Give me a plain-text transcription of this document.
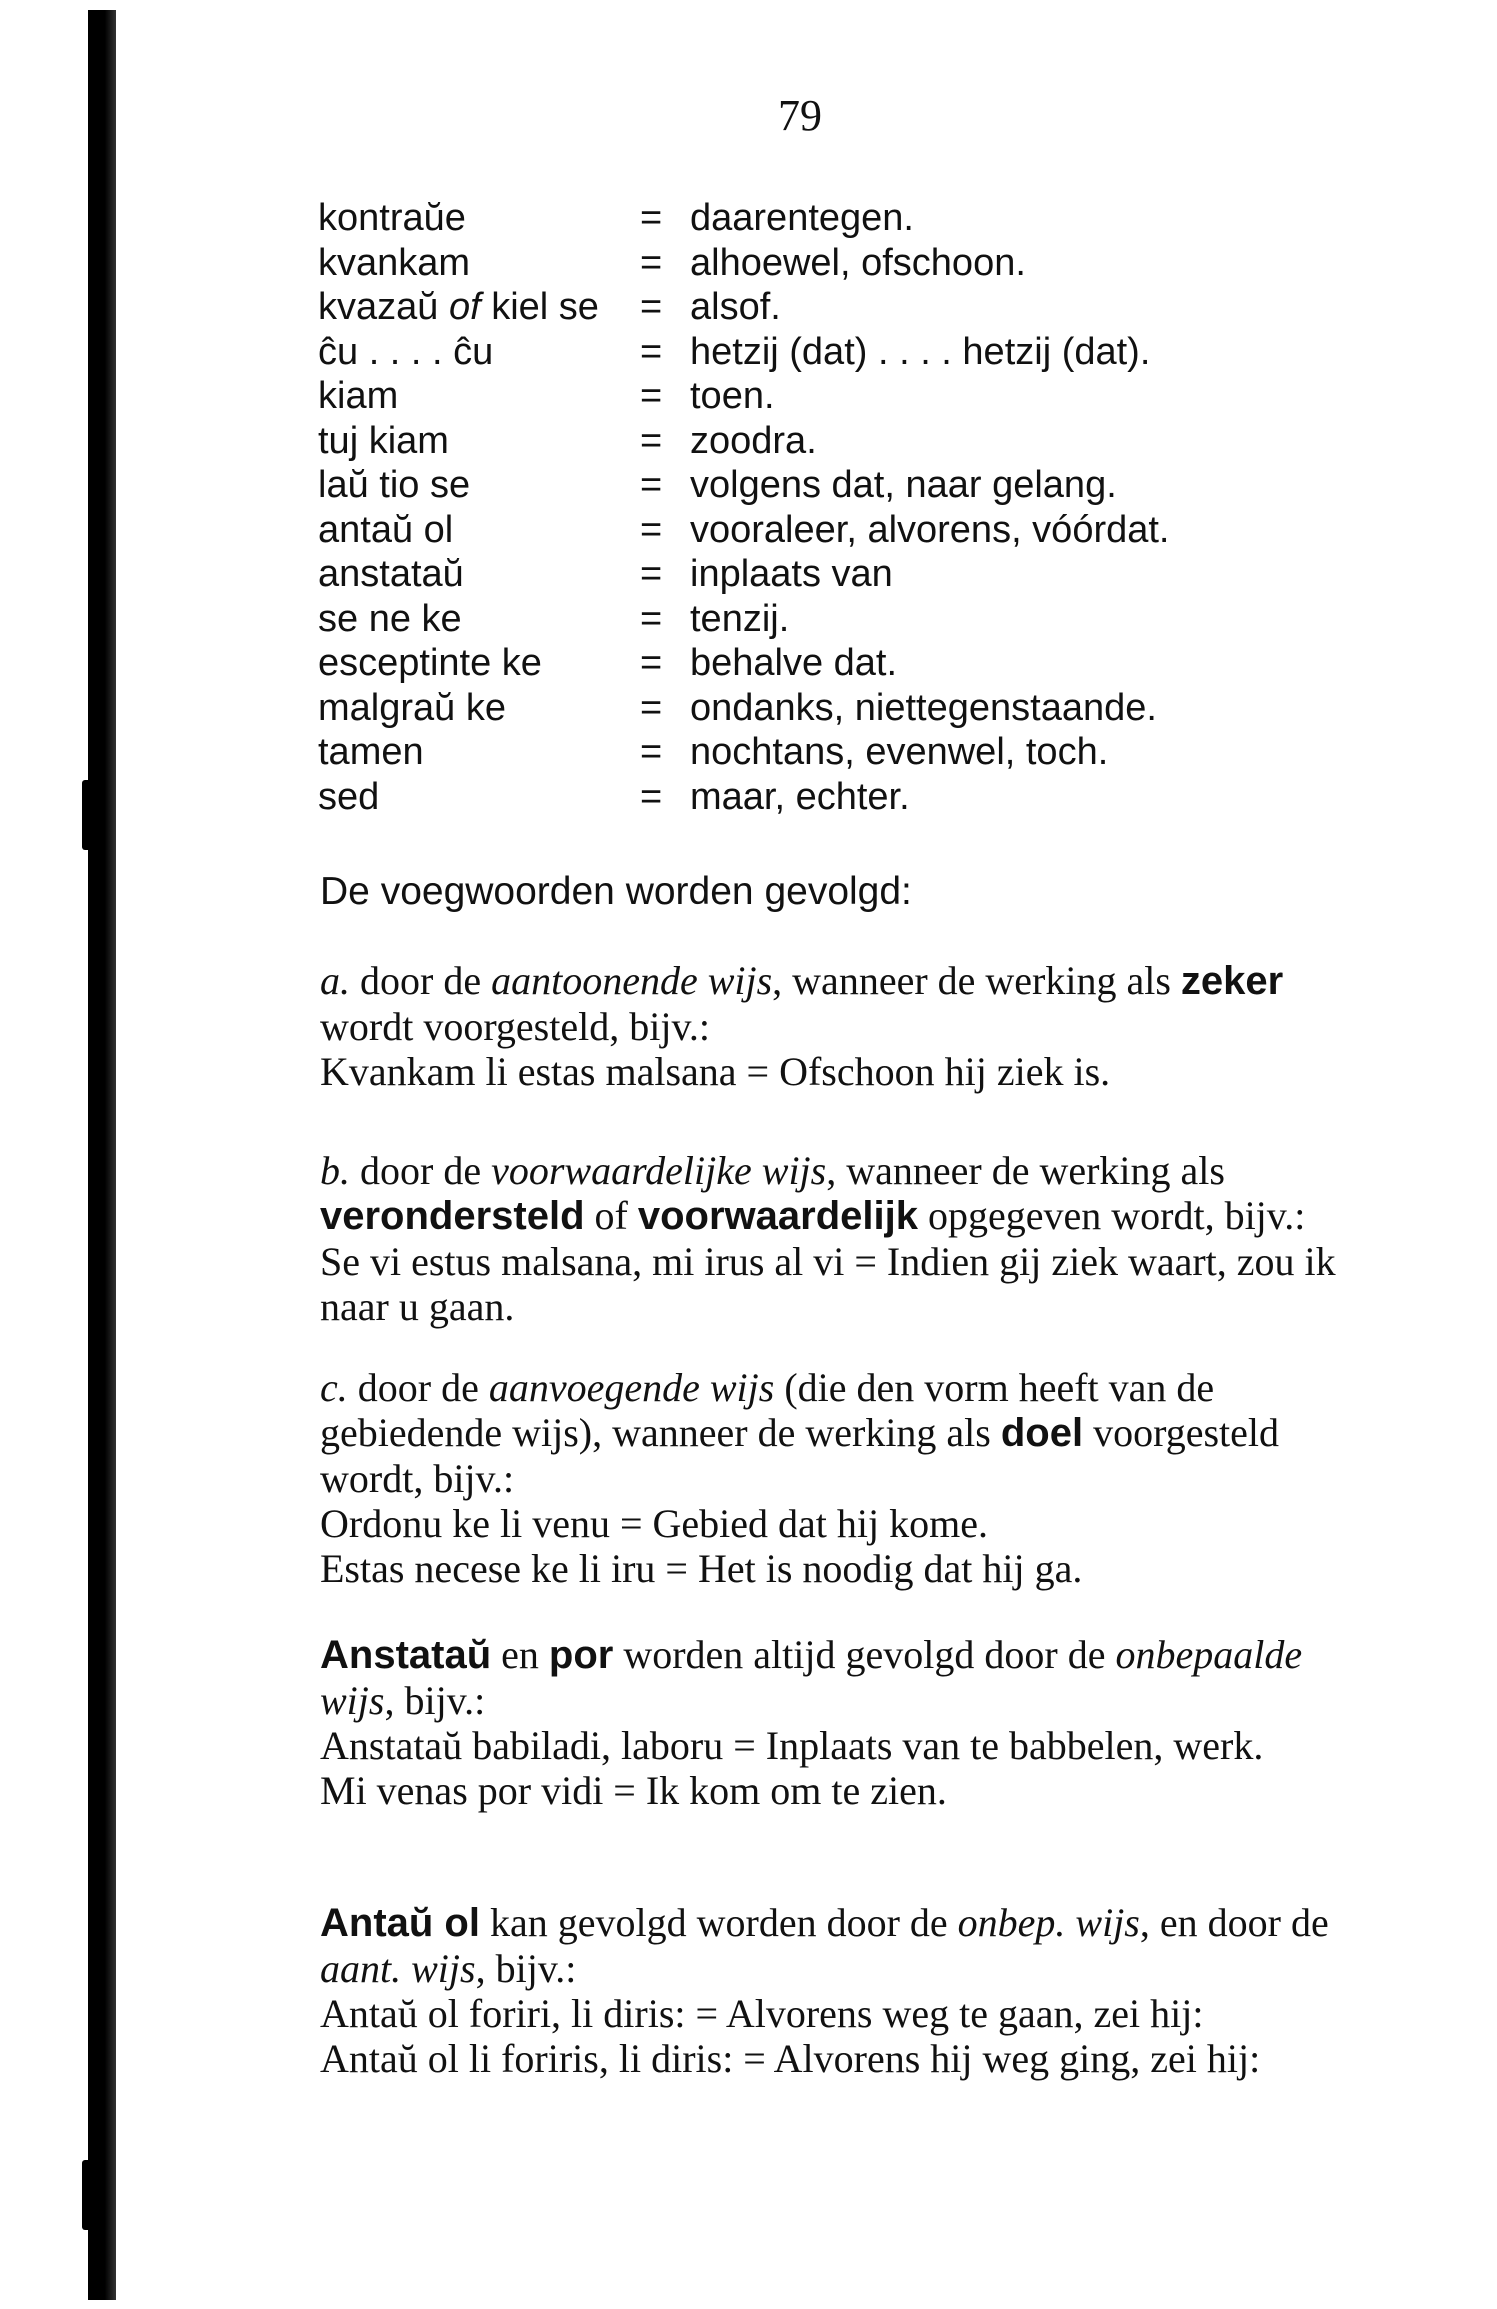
79
kontraŭe	= daarentegen.
kvankam	= alhoewel, ofschoon.
kvazaŭ of kiel se = alsof.
ĉu . . . . ĉu	= hetzij (dat) . . . . hetzij (dat).
kiam	= toen.
tuj kiam	= zoodra.
laŭ tio se	= volgens dat, naar gelang.
antaŭ ol	= vooraleer, alvorens, vóórdat.
anstataŭ	= inplaats van
se ne ke	= tenzij.
esceptinte ke	= behalve dat.
malgraŭ ke	= ondanks, niettegenstaande.
tamen	= nochtans, evenwel, toch.
sed	= maar, echter.
De voegwoorden worden gevolgd:

a. door de aantoonende wijs, wanneer de werking als zeker wordt voorgesteld, bijv.:

Kvankam li estas malsana = Ofschoon hij ziek is.

b. door de voorwaardelijke wijs, wanneer de werking als verondersteld of voorwaardelijk opgegeven wordt, bijv.:

Se vi estus malsana, mi irus al vi = Indien gij ziek waart, zou ik naar u gaan.

c. door de aanvoegende wijs (die den vorm heeft van de gebiedende wijs), wanneer de werking als doel voorgesteld wordt, bijv.:

Ordonu ke li venu = Gebied dat hij kome.

Estas necese ke li iru = Het is noodig dat hij ga.

Anstataŭ en por worden altijd gevolgd door de onbepaalde wijs, bijv.:

Anstataŭ babiladi, laboru = Inplaats van te babbelen, werk.

Mi venas por vidi = Ik kom om te zien.

Antaŭ ol kan gevolgd worden door de onbep. wijs, en door de aant. wijs, bijv.:

Antaŭ ol foriri, li diris: = Alvorens weg te gaan, zei hij:

Antaŭ ol li foriris, li diris: = Alvorens hij weg ging, zei hij:
